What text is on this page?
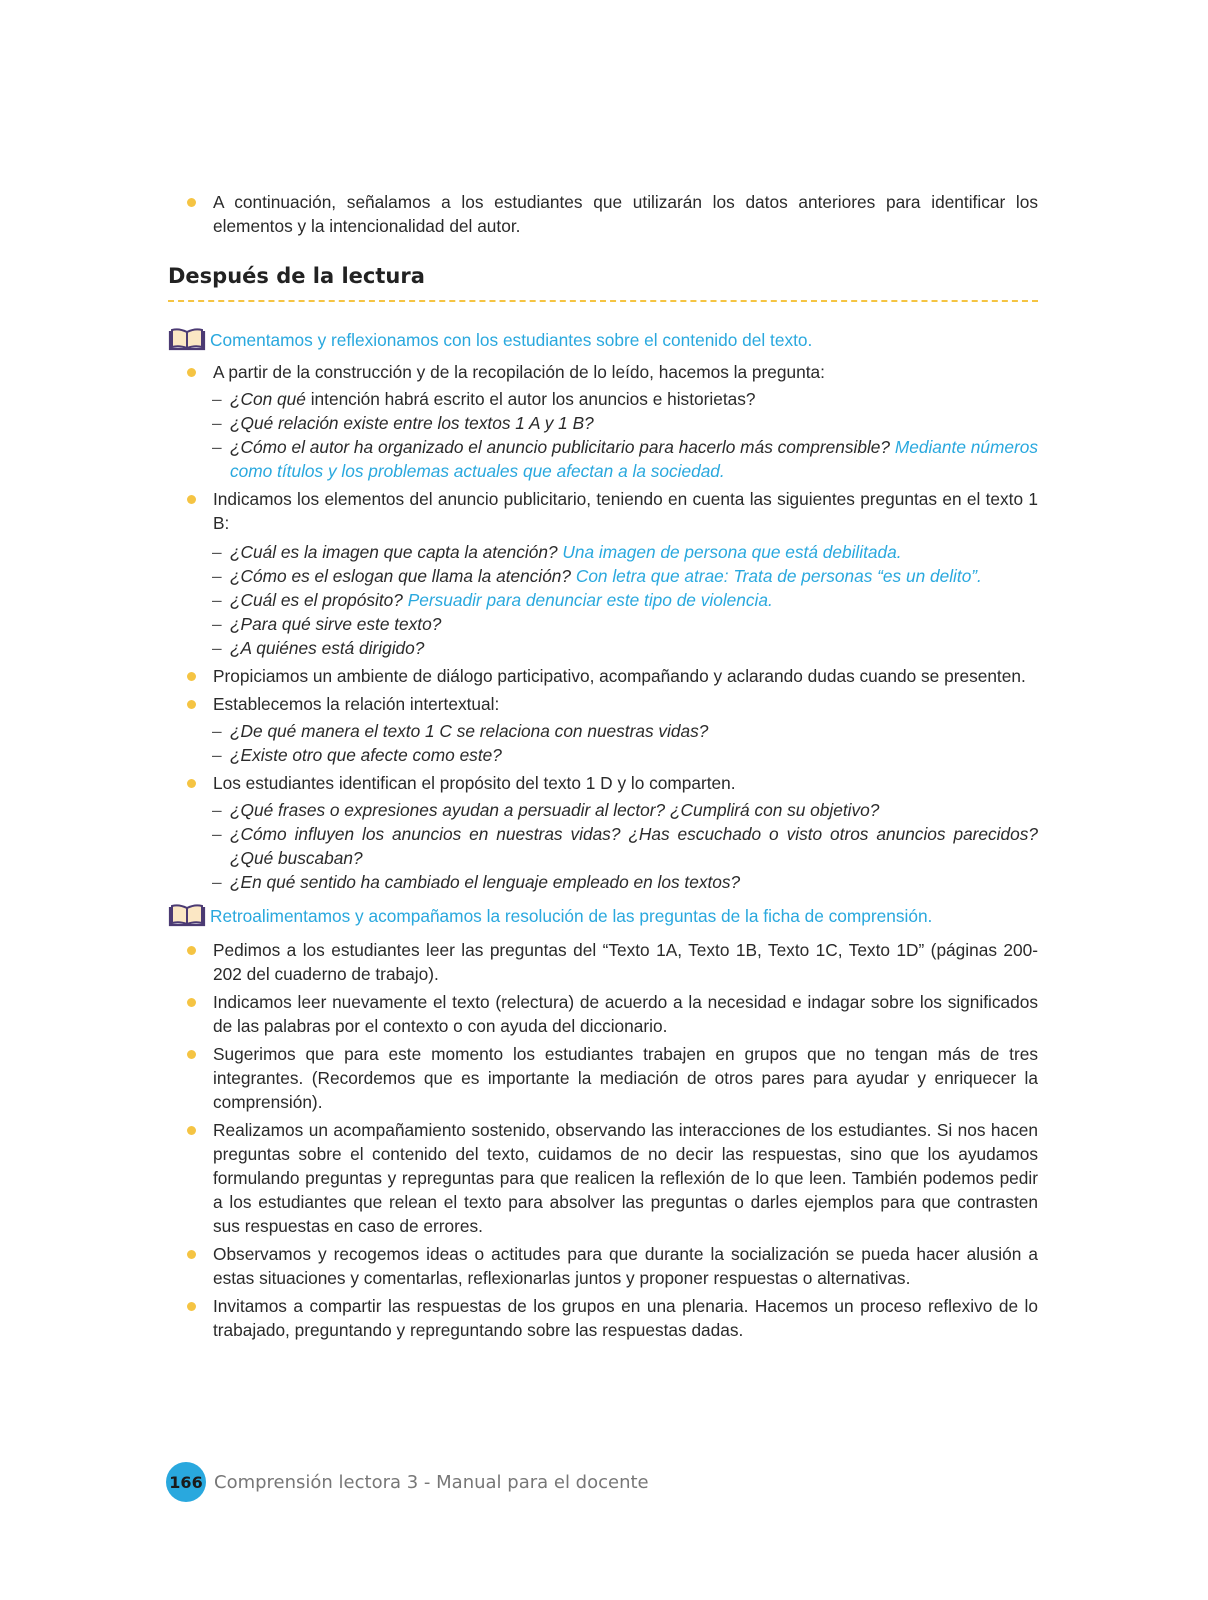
A continuación, señalamos a los estudiantes que utilizarán los datos anteriores para identificar los elementos y la intencionalidad del autor.

Después de la lectura
Comentamos y reflexionamos con los estudiantes sobre el contenido del texto.

A partir de la construcción y de la recopilación de lo leído, hacemos la pregunta:

– ¿Con qué intención habrá escrito el autor los anuncios e historietas?
– ¿Qué relación existe entre los textos 1 A y 1 B?
– ¿Cómo el autor ha organizado el anuncio publicitario para hacerlo más comprensible? Mediante números como títulos y los problemas actuales que afectan a la sociedad.

Indicamos los elementos del anuncio publicitario, teniendo en cuenta las siguientes preguntas en el texto 1 B:

– ¿Cuál es la imagen que capta la atención? Una imagen de persona que está debilitada.
– ¿Cómo es el eslogan que llama la atención? Con letra que atrae: Trata de personas “es un delito”.
– ¿Cuál es el propósito? Persuadir para denunciar este tipo de violencia.
– ¿Para qué sirve este texto?
– ¿A quiénes está dirigido?

Propiciamos un ambiente de diálogo participativo, acompañando y aclarando dudas cuando se presenten.

Establecemos la relación intertextual:

– ¿De qué manera el texto 1 C se relaciona con nuestras vidas?
– ¿Existe otro que afecte como este?

Los estudiantes identifican el propósito del texto 1 D y lo comparten.

– ¿Qué frases o expresiones ayudan a persuadir al lector? ¿Cumplirá con su objetivo?
– ¿Cómo influyen los anuncios en nuestras vidas? ¿Has escuchado o visto otros anuncios parecidos? ¿Qué buscaban?
– ¿En qué sentido ha cambiado el lenguaje empleado en los textos?
Retroalimentamos y acompañamos la resolución de las preguntas de la ficha de comprensión.

Pedimos a los estudiantes leer las preguntas del “Texto 1A, Texto 1B, Texto 1C, Texto 1D” (páginas 200-202 del cuaderno de trabajo).

Indicamos leer nuevamente el texto (relectura) de acuerdo a la necesidad e indagar sobre los significados de las palabras por el contexto o con ayuda del diccionario.

Sugerimos que para este momento los estudiantes trabajen en grupos que no tengan más de tres integrantes. (Recordemos que es importante la mediación de otros pares para ayudar y enriquecer la comprensión).

Realizamos un acompañamiento sostenido, observando las interacciones de los estudiantes. Si nos hacen preguntas sobre el contenido del texto, cuidamos de no decir las respuestas, sino que los ayudamos formulando preguntas y repreguntas para que realicen la reflexión de lo que leen. También podemos pedir a los estudiantes que relean el texto para absolver las preguntas o darles ejemplos para que contrasten sus respuestas en caso de errores.

Observamos y recogemos ideas o actitudes para que durante la socialización se pueda hacer alusión a estas situaciones y comentarlas, reflexionarlas juntos y proponer respuestas o alternativas.

Invitamos a compartir las respuestas de los grupos en una plenaria. Hacemos un proceso reflexivo de lo trabajado, preguntando y repreguntando sobre las respuestas dadas.

166 Comprensión lectora 3 - Manual para el docente
